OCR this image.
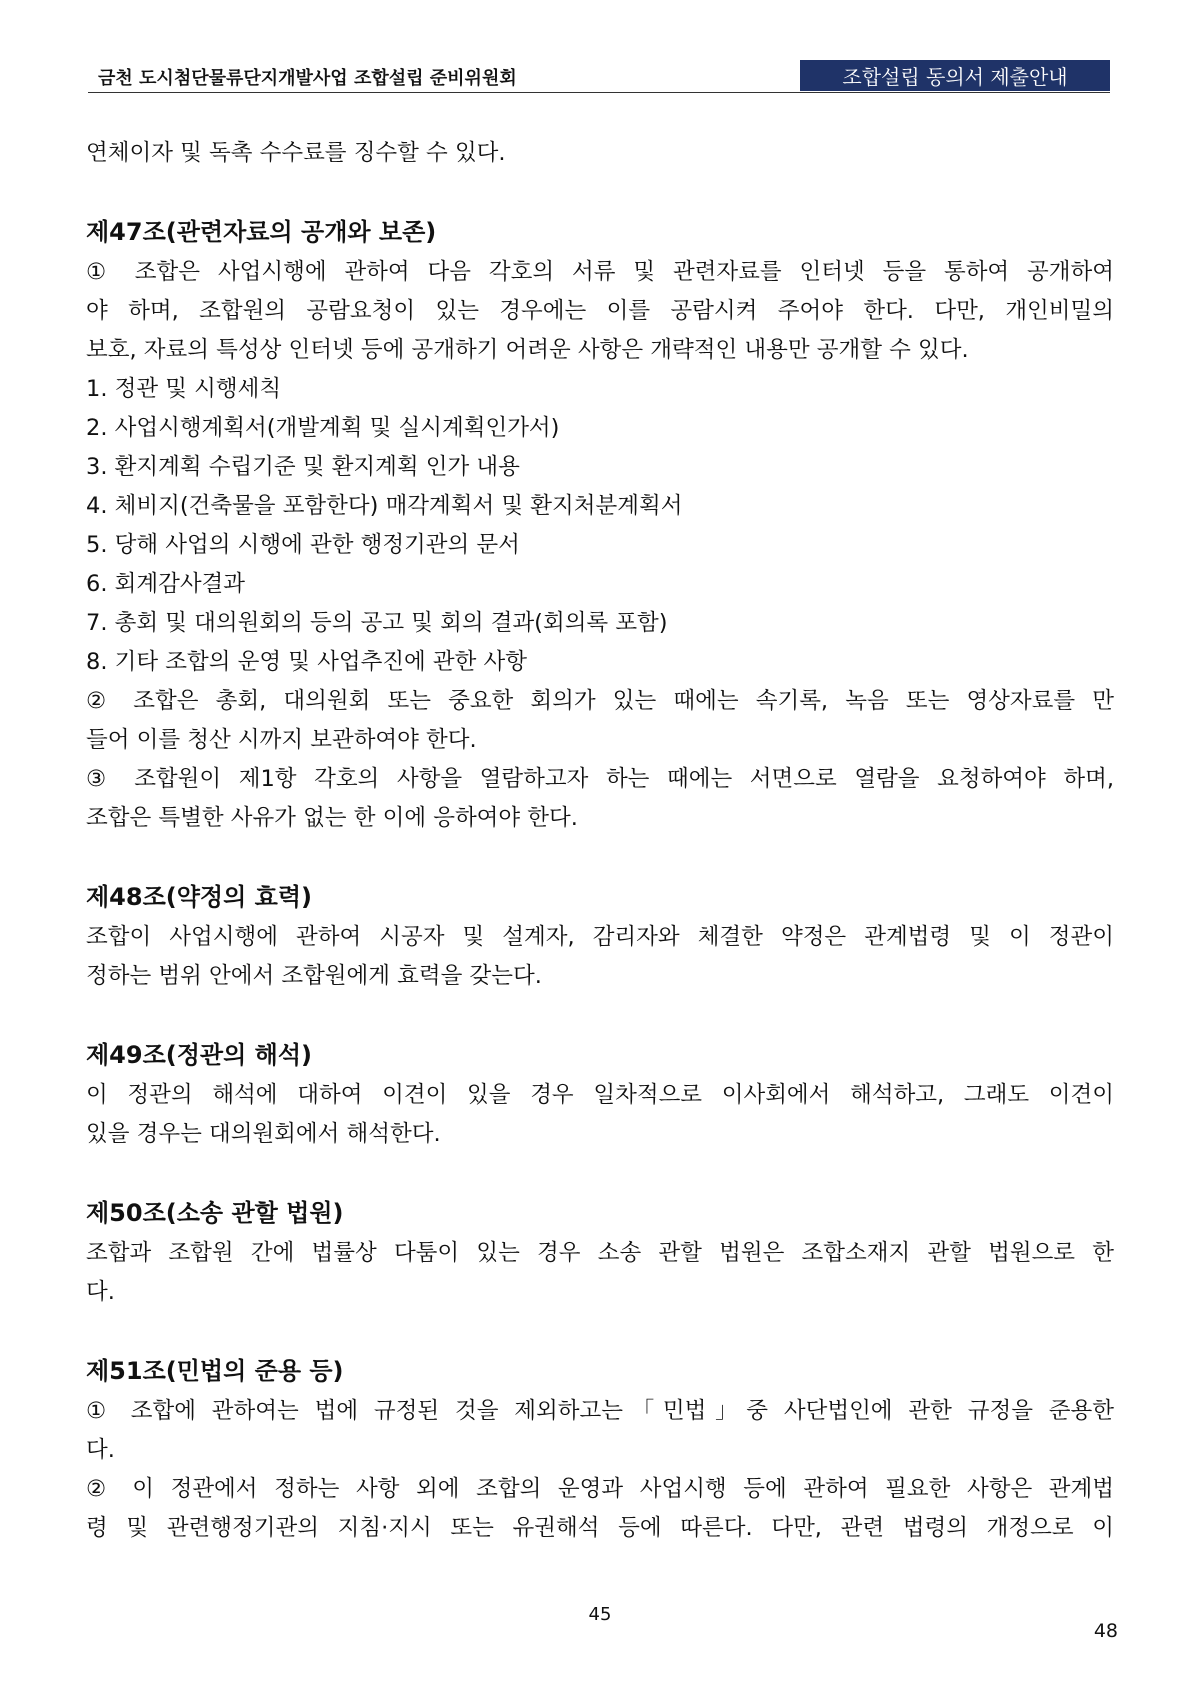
금천 도시첨단물류단지개발사업 조합설립 준비위원회	조합설립 동의서 제출안내
연체이자 및 독촉 수수료를 징수할 수 있다.
제47조(관련자료의 공개와 보존)
① 조합은 사업시행에 관하여 다음 각호의 서류 및 관련자료를 인터넷 등을 통하여 공개하여
야 하며, 조합원의 공람요청이 있는 경우에는 이를 공람시켜 주어야 한다. 다만, 개인비밀의
보호, 자료의 특성상 인터넷 등에 공개하기 어려운 사항은 개략적인 내용만 공개할 수 있다.
1. 정관 및 시행세칙
2. 사업시행계획서(개발계획 및 실시계획인가서)
3. 환지계획 수립기준 및 환지계획 인가 내용
4. 체비지(건축물을 포함한다) 매각계획서 및 환지처분계획서
5. 당해 사업의 시행에 관한 행정기관의 문서
6. 회계감사결과
7. 총회 및 대의원회의 등의 공고 및 회의 결과(회의록 포함)
8. 기타 조합의 운영 및 사업추진에 관한 사항
② 조합은 총회, 대의원회 또는 중요한 회의가 있는 때에는 속기록, 녹음 또는 영상자료를 만
들어 이를 청산 시까지 보관하여야 한다.
③ 조합원이 제1항 각호의 사항을 열람하고자 하는 때에는 서면으로 열람을 요청하여야 하며,
조합은 특별한 사유가 없는 한 이에 응하여야 한다.
제48조(약정의 효력)
조합이 사업시행에 관하여 시공자 및 설계자, 감리자와 체결한 약정은 관계법령 및 이 정관이
정하는 범위 안에서 조합원에게 효력을 갖는다.
제49조(정관의 해석)
이 정관의 해석에 대하여 이견이 있을 경우 일차적으로 이사회에서 해석하고, 그래도 이견이
있을 경우는 대의원회에서 해석한다.
제50조(소송 관할 법원)
조합과 조합원 간에 법률상 다툼이 있는 경우 소송 관할 법원은 조합소재지 관할 법원으로 한
다.
제51조(민법의 준용 등)
① 조합에 관하여는 법에 규정된 것을 제외하고는「민법」중 사단법인에 관한 규정을 준용한
다.
② 이 정관에서 정하는 사항 외에 조합의 운영과 사업시행 등에 관하여 필요한 사항은 관계법
령 및 관련행정기관의 지침·지시 또는 유권해석 등에 따른다. 다만, 관련 법령의 개정으로 이
45
48
